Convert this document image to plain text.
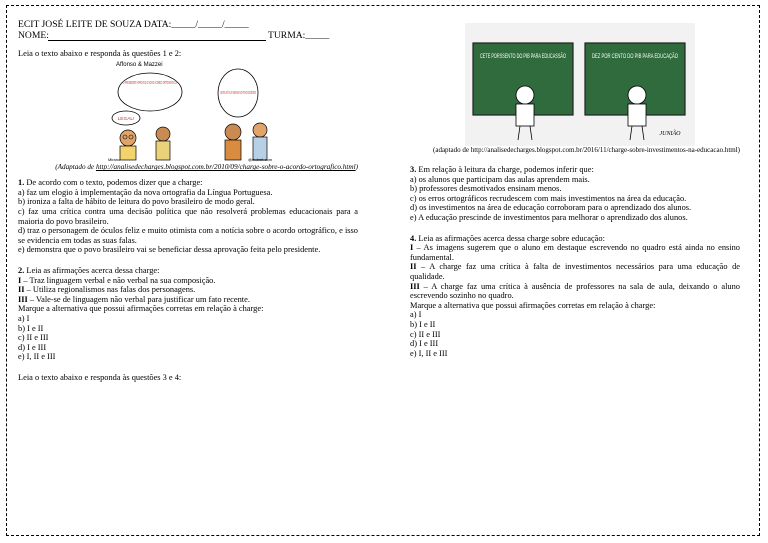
ECIT JOSÉ LEITE DE SOUZA DATA:_____/_____/_____

NOME:	TURMA:_____

Leia o texto abaixo e responda às questões 1 e 2:

Affonso & Mazzei
O PRESIDENTE APROVOU O NOVO ACORDO ORTOGRÁFICO!
LEGAL!
AGORA SÓ FALTA ENSINAR AO POVO ESCREVER!
Mirano	@mdmrt.com

(Adaptado de http://analisedecharges.blogspot.com.br/2010/09/charge-sobre-o-acordo-ortografico.html)

1. De acordo com o texto, podemos dizer que a charge:

a) faz um elogio à implementação da nova ortografia da Língua Portuguesa.

b) ironiza a falta de hábito de leitura do povo brasileiro de modo geral.

c) faz uma crítica contra uma decisão política que não resolverá problemas educacionais para a maioria do povo brasileiro.

d) traz o personagem de óculos feliz e muito otimista com a notícia sobre o acordo ortográfico, e isso se evidencia em todas as suas falas.

e) demonstra que o povo brasileiro vai se beneficiar dessa aprovação feita pelo presidente.

2. Leia as afirmações acerca dessa charge:

I – Traz linguagem verbal e não verbal na sua composição.

II – Utiliza regionalismos nas falas dos personagens.

III – Vale-se de linguagem não verbal para justificar um fato recente.

Marque a alternativa que possui afirmações corretas em relação à charge:

a) I

b) I e II

c) II e III

d) I e III

e) I, II e III

Leia o texto abaixo e responda às questões 3 e 4:

CETE PORSSENTO DO PIB PARA EDUCASSÃO	DEZ POR CENTO DO PIB PARA EDUCAÇÃO
JUNIÃO

(adaptado de http://analisedecharges.blogspot.com.br/2016/11/charge-sobre-investimentos-na-educacao.html)

3. Em relação à leitura da charge, podemos inferir que:

a) os alunos que participam das aulas aprendem mais.

b) professores desmotivados ensinam menos.

c) os erros ortográficos recrudescem com mais investimentos na área da educação.

d) os investimentos na área de educação corroboram para o aprendizado dos alunos.

e) A educação prescinde de investimentos para melhorar o aprendizado dos alunos.

4. Leia as afirmações acerca dessa charge sobre educação:

I – As imagens sugerem que o aluno em destaque escrevendo no quadro está ainda no ensino fundamental.

II – A charge faz uma crítica à falta de investimentos necessários para uma educação de qualidade.

III – A charge faz uma crítica à ausência de professores na sala de aula, deixando o aluno escrevendo sozinho no quadro.

Marque a alternativa que possui afirmações corretas em relação à charge:

a) I

b) I e II

c) II e III

d) I e III

e) I, II e III
